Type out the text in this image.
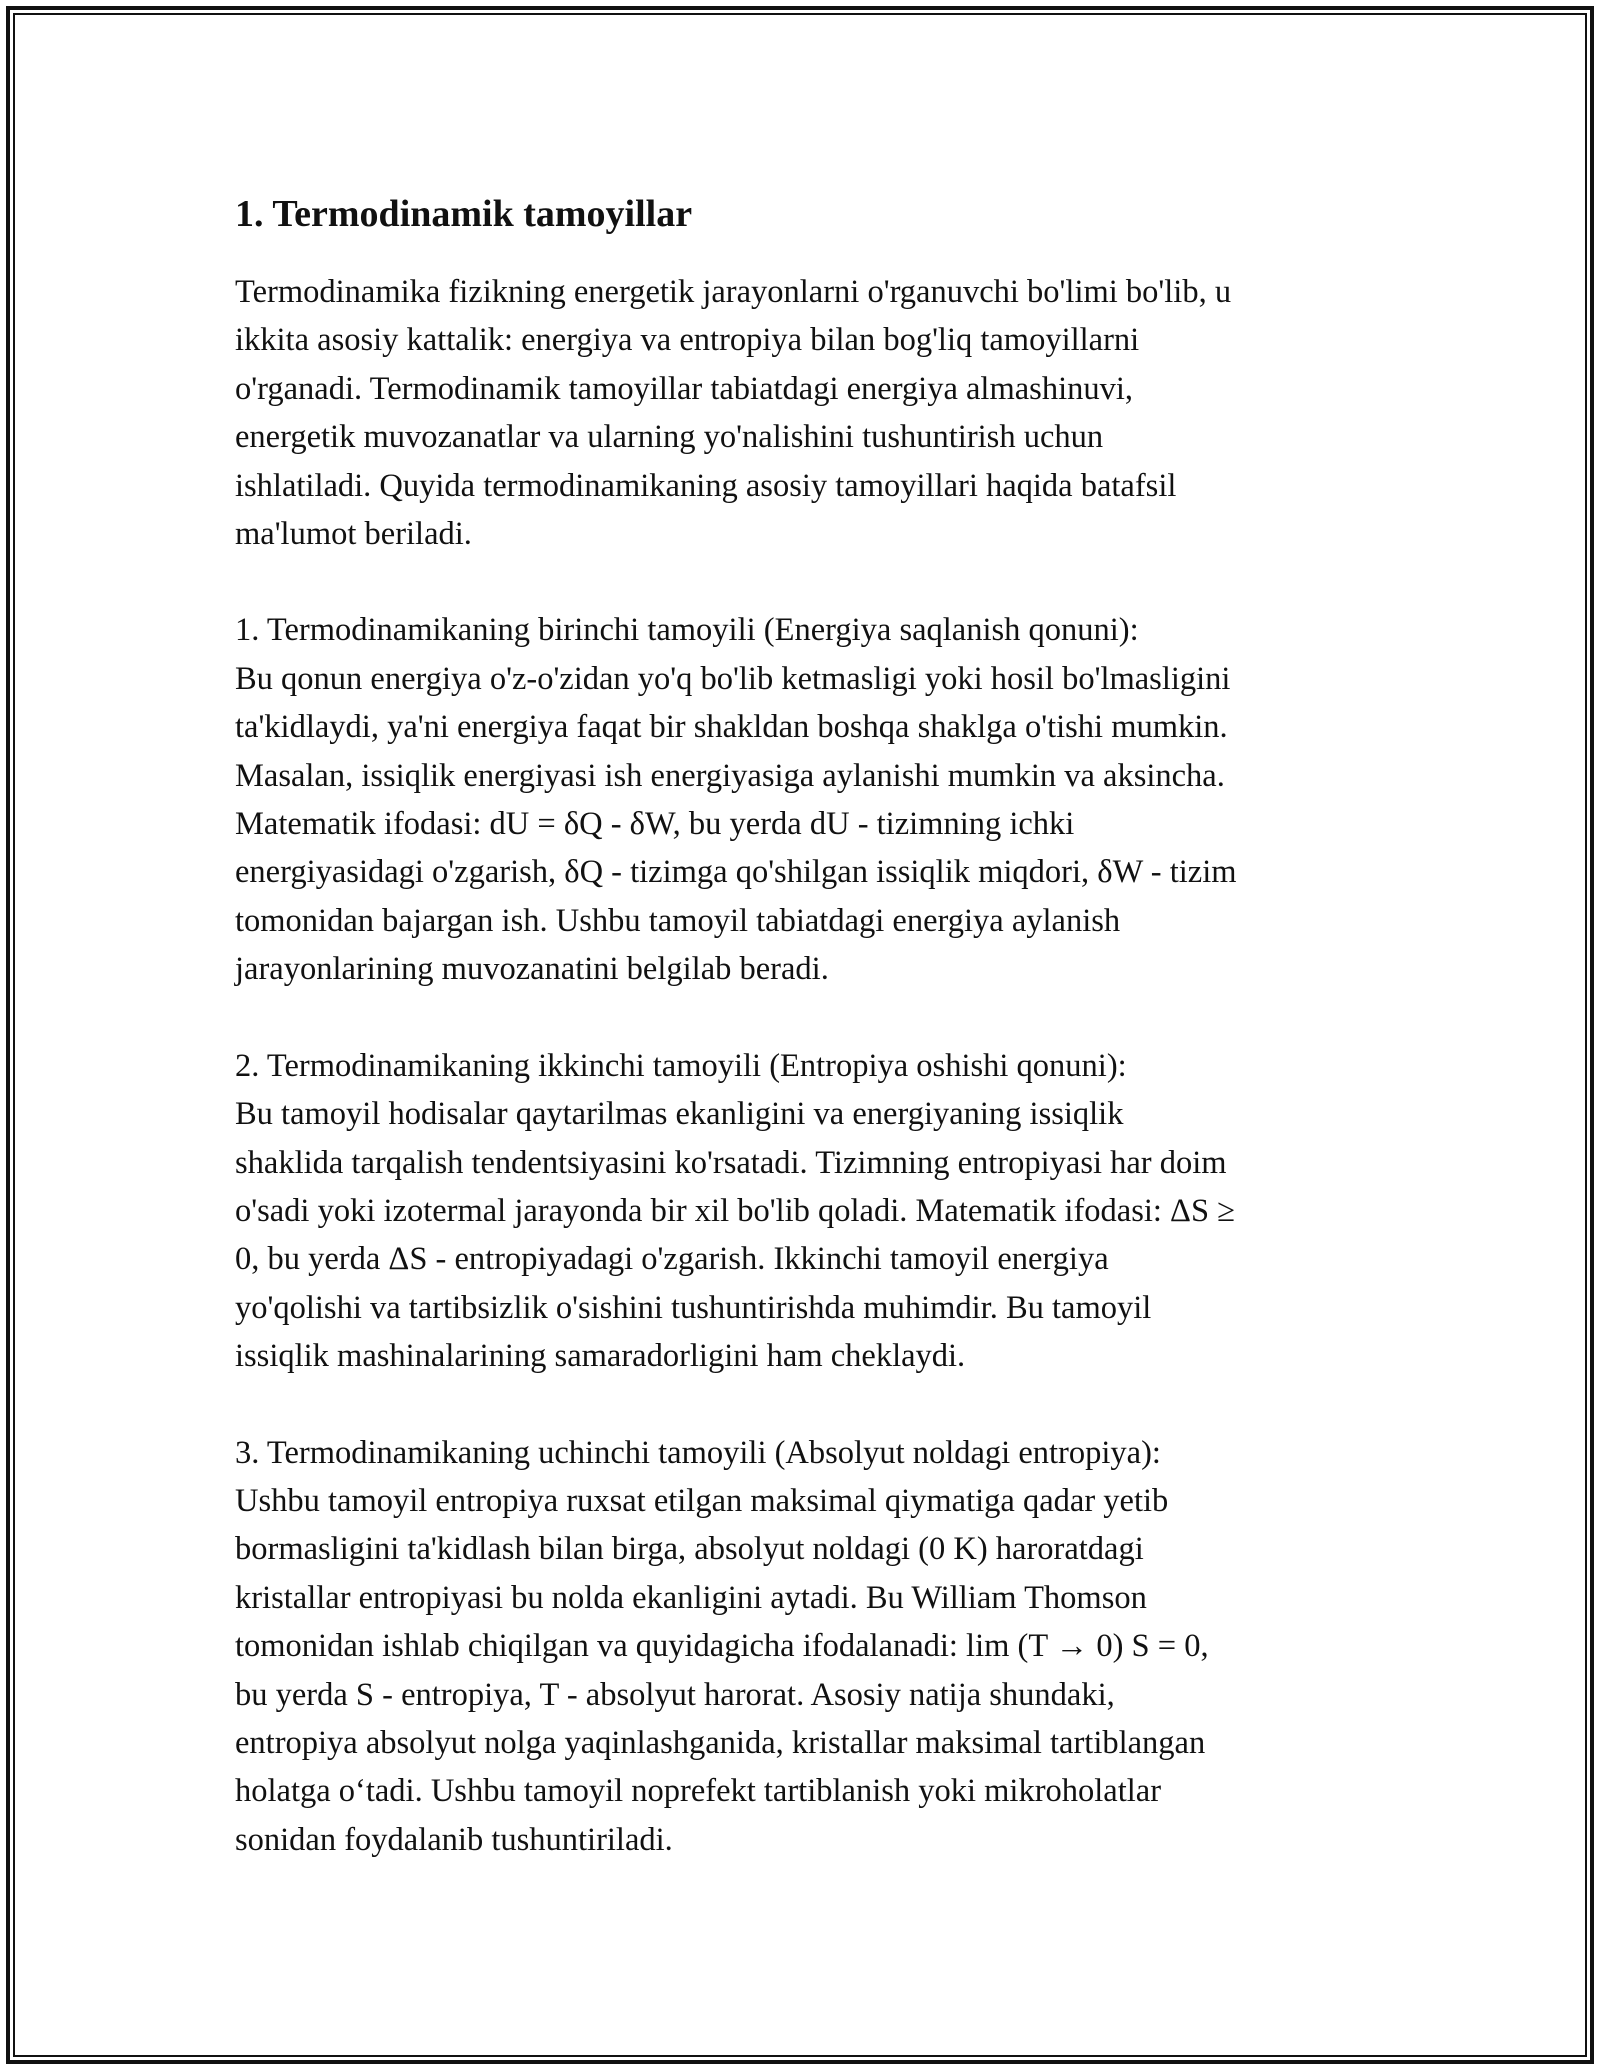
1. Termodinamik tamoyillar

Termodinamika fizikning energetik jarayonlarni o'rganuvchi bo'limi bo'lib, u
ikkita asosiy kattalik: energiya va entropiya bilan bog'liq tamoyillarni
o'rganadi. Termodinamik tamoyillar tabiatdagi energiya almashinuvi,
energetik muvozanatlar va ularning yo'nalishini tushuntirish uchun
ishlatiladi. Quyida termodinamikaning asosiy tamoyillari haqida batafsil
ma'lumot beriladi.

1. Termodinamikaning birinchi tamoyili (Energiya saqlanish qonuni):
Bu qonun energiya o'z-o'zidan yo'q bo'lib ketmasligi yoki hosil bo'lmasligini
ta'kidlaydi, ya'ni energiya faqat bir shakldan boshqa shaklga o'tishi mumkin.
Masalan, issiqlik energiyasi ish energiyasiga aylanishi mumkin va aksincha.
Matematik ifodasi: dU = δQ - δW, bu yerda dU - tizimning ichki
energiyasidagi o'zgarish, δQ - tizimga qo'shilgan issiqlik miqdori, δW - tizim
tomonidan bajargan ish. Ushbu tamoyil tabiatdagi energiya aylanish
jarayonlarining muvozanatini belgilab beradi.

2. Termodinamikaning ikkinchi tamoyili (Entropiya oshishi qonuni):
Bu tamoyil hodisalar qaytarilmas ekanligini va energiyaning issiqlik
shaklida tarqalish tendentsiyasini ko'rsatadi. Tizimning entropiyasi har doim
o'sadi yoki izotermal jarayonda bir xil bo'lib qoladi. Matematik ifodasi: ΔS ≥
0, bu yerda ΔS - entropiyadagi o'zgarish. Ikkinchi tamoyil energiya
yo'qolishi va tartibsizlik o'sishini tushuntirishda muhimdir. Bu tamoyil
issiqlik mashinalarining samaradorligini ham cheklaydi.

3. Termodinamikaning uchinchi tamoyili (Absolyut noldagi entropiya):
Ushbu tamoyil entropiya ruxsat etilgan maksimal qiymatiga qadar yetib
bormasligini ta'kidlash bilan birga, absolyut noldagi (0 K) haroratdagi
kristallar entropiyasi bu nolda ekanligini aytadi. Bu William Thomson
tomonidan ishlab chiqilgan va quyidagicha ifodalanadi: lim (T → 0) S = 0,
bu yerda S - entropiya, T - absolyut harorat. Asosiy natija shundaki,
entropiya absolyut nolga yaqinlashganida, kristallar maksimal tartiblangan
holatga oʻtadi. Ushbu tamoyil noprefekt tartiblanish yoki mikroholatlar
sonidan foydalanib tushuntiriladi.
